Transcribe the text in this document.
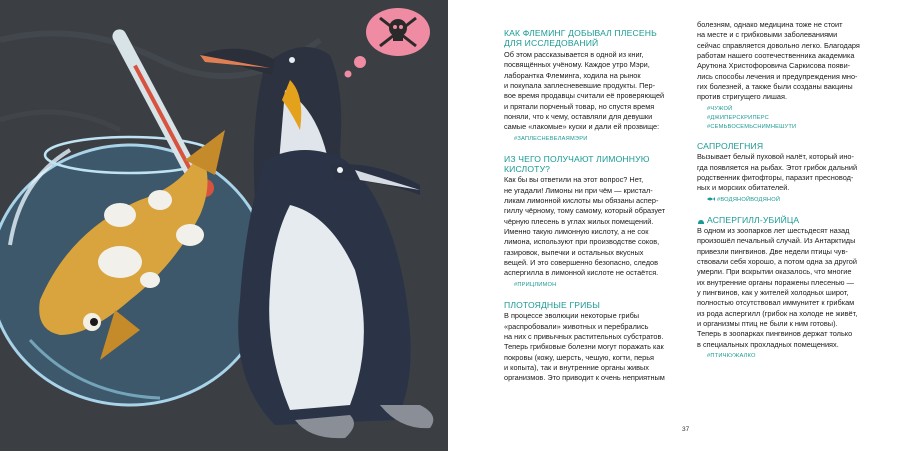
КАК ФЛЕМИНГ ДОБЫВАЛ ПЛЕСЕНЬ
ДЛЯ ИССЛЕДОВАНИЙ
Об этом рассказывается в одной из книг,
посвящённых учёному. Каждое утро Мэри,
лаборантка Флеминга, ходила на рынок
и покупала заплесневевшие продукты. Пер-
вое время продавцы считали её проверяющей
и прятали порченый товар, но спустя время
поняли, что к чему, оставляли для девушки
самые «лакомые» куски и дали ей прозвище:
#ЗАПЛЕСНЕВЕЛАЯМЭРИ
ИЗ ЧЕГО ПОЛУЧАЮТ ЛИМОННУЮ
КИСЛОТУ?
Как бы вы ответили на этот вопрос? Нет,
не угадали! Лимоны ни при чём — кристал-
ликам лимонной кислоты мы обязаны аспер-
гиллу чёрному, тому самому, который образует
чёрную плесень в углах жилых помещений.
Именно такую лимонную кислоту, а не сок
лимона, используют при производстве соков,
газировок, выпечки и остальных вкусных
вещей. И это совершенно безопасно, следов
аспергилла в лимонной кислоте не остаётся.
#ПРИЦЛИМОН
ПЛОТОЯДНЫЕ ГРИБЫ
В процессе эволюции некоторые грибы
«распробовали» животных и перебрались
на них с привычных растительных субстратов.
Теперь грибковые болезни могут поражать как
покровы (кожу, шерсть, чешую, когти, перья
и копыта), так и внутренние органы живых
организмов. Это приводит к очень неприятным
болезням, однако медицина тоже не стоит
на месте и с грибковыми заболеваниями
сейчас справляется довольно легко. Благодаря
работам нашего соотечественника академика
Арутюна Христофоровича Саркисова появи-
лись способы лечения и предупреждения мно-
гих болезней, а также были созданы вакцины
против стригущего лишая.
#ЧУЖОЙ
#ДЖИПЕРСКРИПЕРС
#СЕМЬВОСЕМЬСНИМНЕШУТИ
САПРОЛЕГНИЯ
Вызывает белый пуховой налёт, который ино-
гда появляется на рыбах. Этот грибок дальний
родственник фитофторы, паразит пресновод-
ных и морских обитателей.
#ВОДЯНОЙВОДЯНОЙ
АСПЕРГИЛЛ-УБИЙЦА
В одном из зоопарков лет шестьдесят назад
произошёл печальный случай. Из Антарктиды
привезли пингвинов. Две недели птицы чув-
ствовали себя хорошо, а потом одна за другой
умерли. При вскрытии оказалось, что многие
их внутренние органы поражены плесенью —
у пингвинов, как у жителей холодных широт,
полностью отсутствовал иммунитет к грибкам
из рода аспергилл (грибок на холоде не живёт,
и организмы птиц не были к ним готовы).
Теперь в зоопарках пингвинов держат только
в специальных прохладных помещениях.
#ПТИЧКУЖАЛКО
37
